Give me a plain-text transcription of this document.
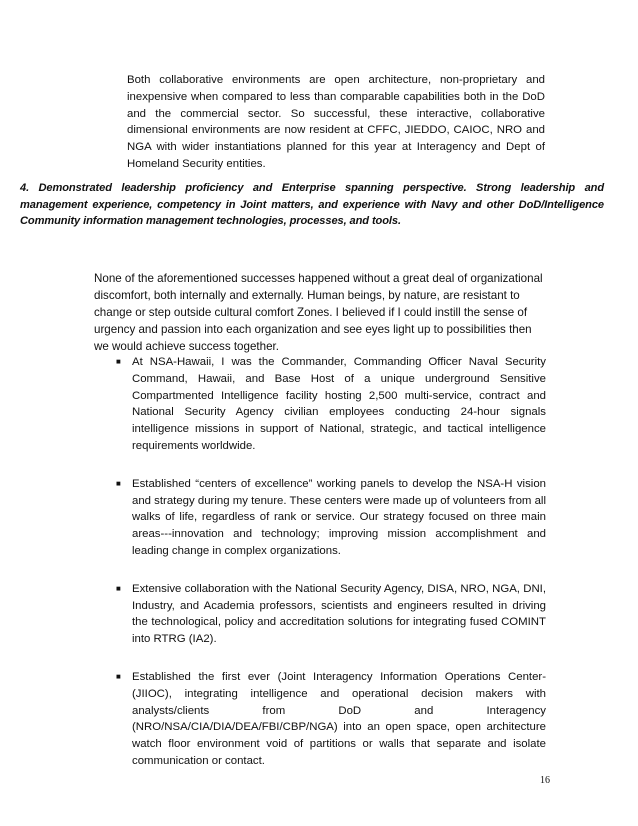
Both collaborative environments are open architecture, non-proprietary and inexpensive when compared to less than comparable capabilities both in the DoD and the commercial sector. So successful, these interactive, collaborative dimensional environments are now resident at CFFC, JIEDDO, CAIOC, NRO and NGA with wider instantiations planned for this year at Interagency and Dept of Homeland Security entities.

4. Demonstrated leadership proficiency and Enterprise spanning perspective. Strong leadership and management experience, competency in Joint matters, and experience with Navy and other DoD/Intelligence Community information management technologies, processes, and tools.

None of the aforementioned successes happened without a great deal of organizational discomfort, both internally and externally. Human beings, by nature, are resistant to change or step outside cultural comfort Zones. I believed if I could instill the sense of urgency and passion into each organization and see eyes light up to possibilities then we would achieve success together.

■ At NSA-Hawaii, I was the Commander, Commanding Officer Naval Security Command, Hawaii, and Base Host of a unique underground Sensitive Compartmented Intelligence facility hosting 2,500 multi-service, contract and National Security Agency civilian employees conducting 24-hour signals intelligence missions in support of National, strategic, and tactical intelligence requirements worldwide.

■ Established “centers of excellence” working panels to develop the NSA-H vision and strategy during my tenure. These centers were made up of volunteers from all walks of life, regardless of rank or service. Our strategy focused on three main areas---innovation and technology; improving mission accomplishment and leading change in complex organizations.

■ Extensive collaboration with the National Security Agency, DISA, NRO, NGA, DNI, Industry, and Academia professors, scientists and engineers resulted in driving the technological, policy and accreditation solutions for integrating fused COMINT into RTRG (IA2).

■ Established the first ever (Joint Interagency Information Operations Center-(JIIOC), integrating intelligence and operational decision makers with analysts/clients from DoD and Interagency (NRO/NSA/CIA/DIA/DEA/FBI/CBP/NGA) into an open space, open architecture watch floor environment void of partitions or walls that separate and isolate communication or contact.

16
